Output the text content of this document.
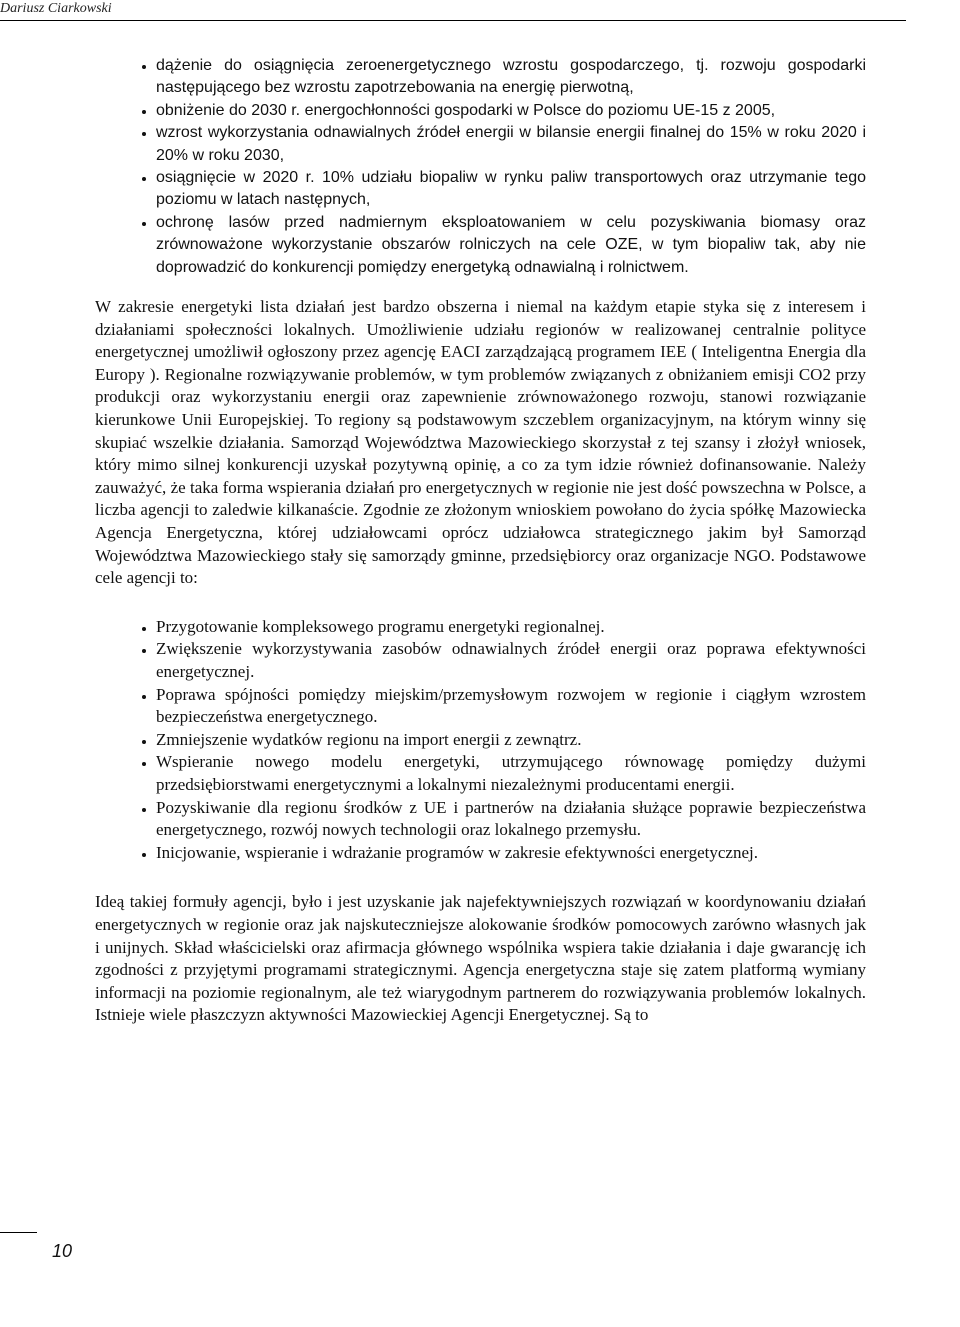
Dariusz Ciarkowski
• dążenie do osiągnięcia zeroenergetycznego wzrostu gospodarczego, tj. rozwoju gospodarki następującego bez wzrostu zapotrzebowania na energię pierwotną,
• obniżenie do 2030 r. energochłonności gospodarki w Polsce do poziomu UE-15 z 2005,
• wzrost wykorzystania odnawialnych źródeł energii w bilansie energii finalnej do 15% w roku 2020 i 20% w roku 2030,
• osiągnięcie w 2020 r. 10% udziału biopaliw w rynku paliw transportowych oraz utrzymanie tego poziomu w latach następnych,
• ochronę lasów przed nadmiernym eksploatowaniem w celu pozyskiwania biomasy oraz zrównoważone wykorzystanie obszarów rolniczych na cele OZE, w tym biopaliw tak, aby nie doprowadzić do konkurencji pomiędzy energetyką odnawialną i rolnictwem.

W zakresie energetyki lista działań jest bardzo obszerna i niemal na każdym etapie styka się z interesem i działaniami społeczności lokalnych. Umożliwienie udziału regionów w realizowanej centralnie polityce energetycznej umożliwił ogłoszony przez agencję EACI zarządzającą programem IEE ( Inteligentna Energia dla Europy ). Regionalne rozwiązywanie problemów, w tym problemów związanych z obniżaniem emisji CO2 przy produkcji oraz wykorzystaniu energii oraz zapewnienie zrównoważonego rozwoju, stanowi rozwiązanie kierunkowe Unii Europejskiej. To regiony są podstawowym szczeblem organizacyjnym, na którym winny się skupiać wszelkie działania. Samorząd Województwa Mazowieckiego skorzystał z tej szansy i złożył wniosek, który mimo silnej konkurencji uzyskał pozytywną opinię, a co za tym idzie również dofinansowanie. Należy zauważyć, że taka forma wspierania działań pro energetycznych w regionie nie jest dość powszechna w Polsce, a liczba agencji to zaledwie kilkanaście. Zgodnie ze złożonym wnioskiem powołano do życia spółkę Mazowiecka Agencja Energetyczna, której udziałowcami oprócz udziałowca strategicznego jakim był Samorząd Województwa Mazowieckiego stały się samorządy gminne, przedsiębiorcy oraz organizacje NGO. Podstawowe cele agencji to:

• Przygotowanie kompleksowego programu energetyki regionalnej.
• Zwiększenie wykorzystywania zasobów odnawialnych źródeł energii oraz poprawa efektywności energetycznej.
• Poprawa spójności pomiędzy miejskim/przemysłowym rozwojem w regionie i ciągłym wzrostem bezpieczeństwa energetycznego.
• Zmniejszenie wydatków regionu na import energii z zewnątrz.
• Wspieranie nowego modelu energetyki, utrzymującego równowagę pomiędzy dużymi przedsiębiorstwami energetycznymi a lokalnymi niezależnymi producentami energii.
• Pozyskiwanie dla regionu środków z UE i partnerów na działania służące poprawie bezpieczeństwa energetycznego, rozwój nowych technologii oraz lokalnego przemysłu.
• Inicjowanie, wspieranie i wdrażanie programów w zakresie efektywności energetycznej.

Ideą takiej formuły agencji, było i jest uzyskanie jak najefektywniejszych rozwiązań w koordynowaniu działań energetycznych w regionie oraz jak najskuteczniejsze alokowanie środków pomocowych zarówno własnych jak i unijnych. Skład właścicielski oraz afirmacja głównego wspólnika wspiera takie działania i daje gwarancję ich zgodności z przyjętymi programami strategicznymi. Agencja energetyczna staje się zatem platformą wymiany informacji na poziomie regionalnym, ale też wiarygodnym partnerem do rozwiązywania problemów lokalnych. Istnieje wiele płaszczyzn aktywności Mazowieckiej Agencji Energetycznej. Są to

10
